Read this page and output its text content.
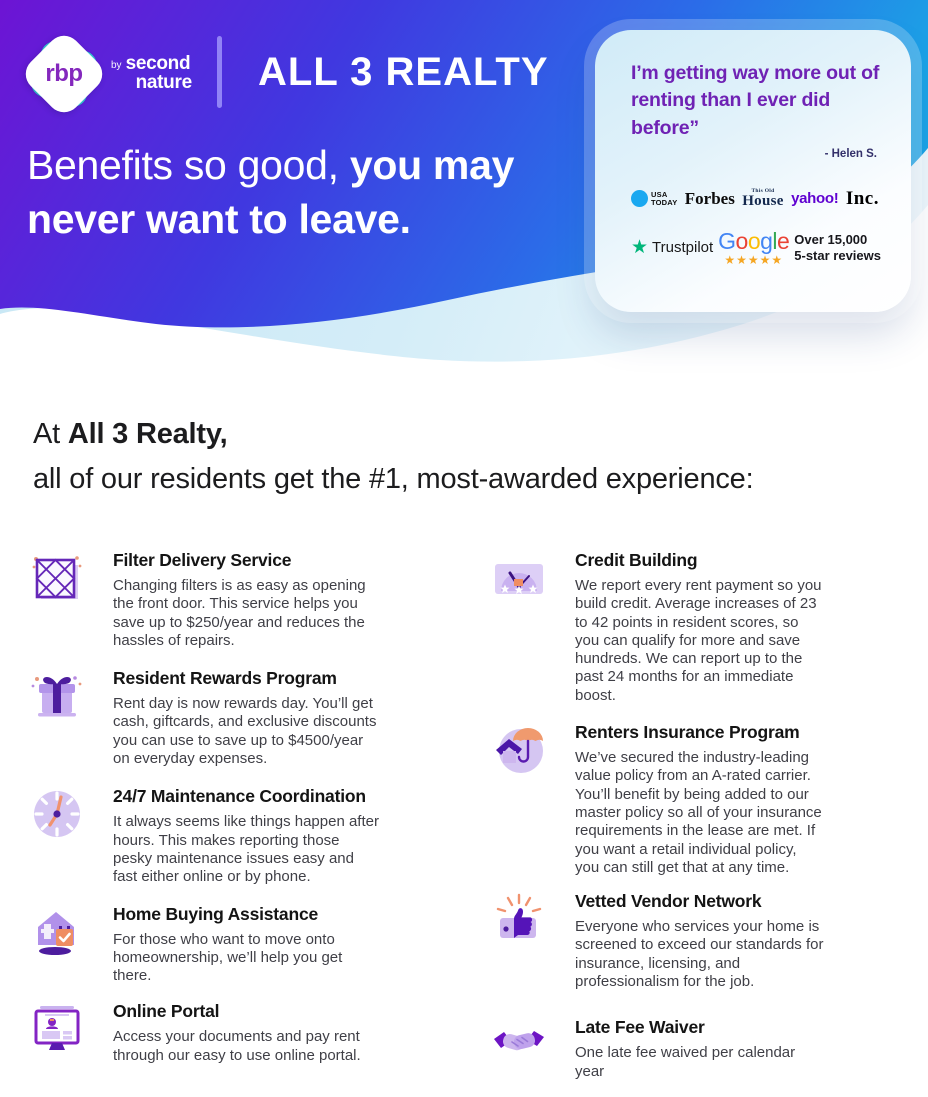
rbp	by second
nature ALL 3 REALTY
Benefits so good, you may
never want to leave.
I’m getting way more out of renting than I ever did before”
- Helen S.
USA
TODAY Forbes	This Old
House yahoo! Inc.
★ Trustpilot Google
★★★★★
Over 15,000
5-star reviews
At All 3 Realty,
all of our residents get the #1, most-awarded experience:
Filter Delivery Service
Changing filters is as easy as opening the front door. This service helps you save up to $250/year and reduces the hassles of repairs.
Resident Rewards Program
Rent day is now rewards day. You’ll get cash, giftcards, and exclusive discounts you can use to save up to $4500/year on everyday expenses.
24/7 Maintenance Coordination
It always seems like things happen after hours. This makes reporting those pesky maintenance issues easy and fast either online or by phone.
Home Buying Assistance
For those who want to move onto homeownership, we’ll help you get there.
Online Portal
Access your documents and pay rent through our easy to use online portal.
Credit Building
We report every rent payment so you build credit. Average increases of 23 to 42 points in resident scores, so you can qualify for more and save hundreds. We can report up to the past 24 months for an immediate boost.
Renters Insurance Program
We’ve secured the industry-leading value policy from an A-rated carrier. You’ll benefit by being added to our master policy so all of your insurance requirements in the lease are met. If you want a retail individual policy, you can still get that at any time.
Vetted Vendor Network
Everyone who services your home is screened to exceed our standards for insurance, licensing, and professionalism for the job.
Late Fee Waiver
One late fee waived per calendar year
